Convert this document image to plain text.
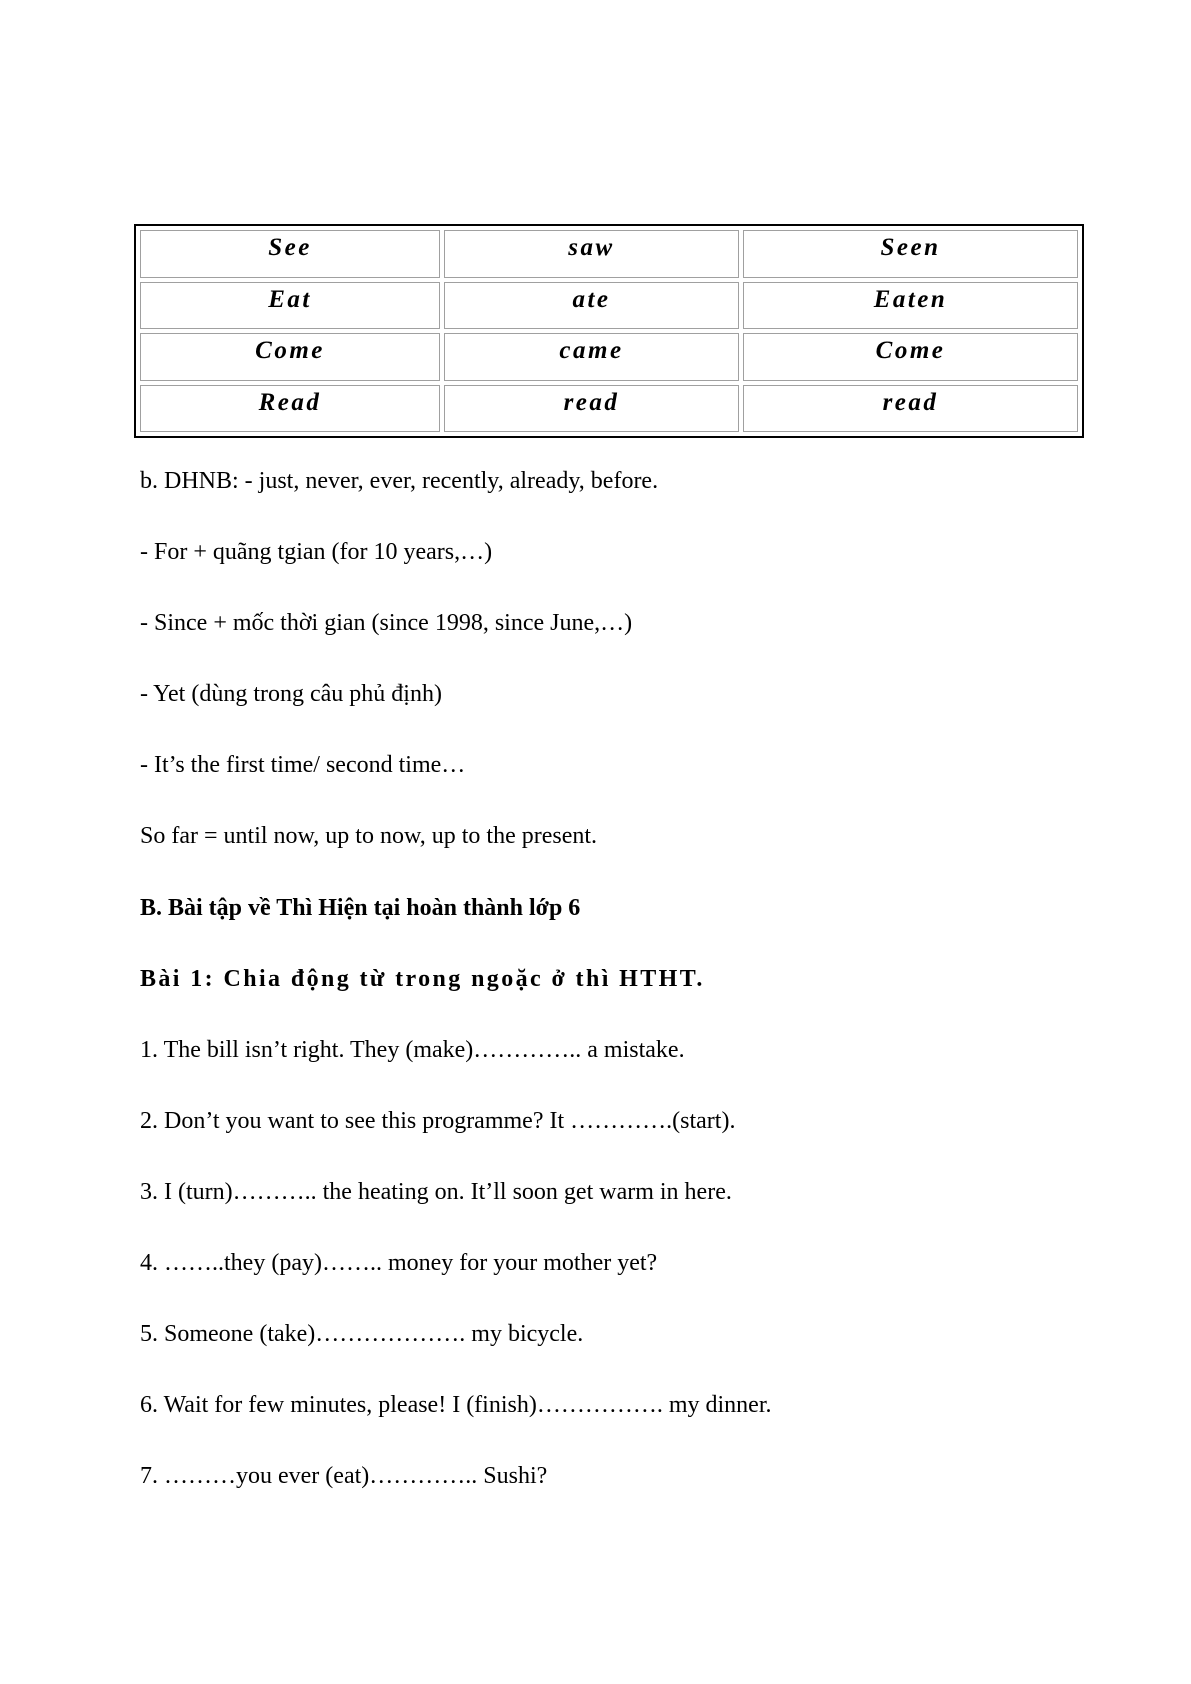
See	saw	Seen
Eat	ate	Eaten
Come	came	Come
Read	read	read

b. DHNB: - just, never, ever, recently, already, before.

- For + quãng tgian (for 10 years,…)

- Since + mốc thời gian (since 1998, since June,…)

- Yet (dùng trong câu phủ định)

- It’s the first time/ second time…

So far = until now, up to now, up to the present.

B. Bài tập về Thì Hiện tại hoàn thành lớp 6

Bài 1: Chia động từ trong ngoặc ở thì HTHT.

1. The bill isn’t right. They (make)………….. a mistake.

2. Don’t you want to see this programme? It ………….(start).

3. I (turn)……….. the heating on. It’ll soon get warm in here.

4. ……..they (pay)…….. money for your mother yet?

5. Someone (take)………………. my bicycle.

6. Wait for few minutes, please! I (finish)……………. my dinner.

7. ………you ever (eat)………….. Sushi?
